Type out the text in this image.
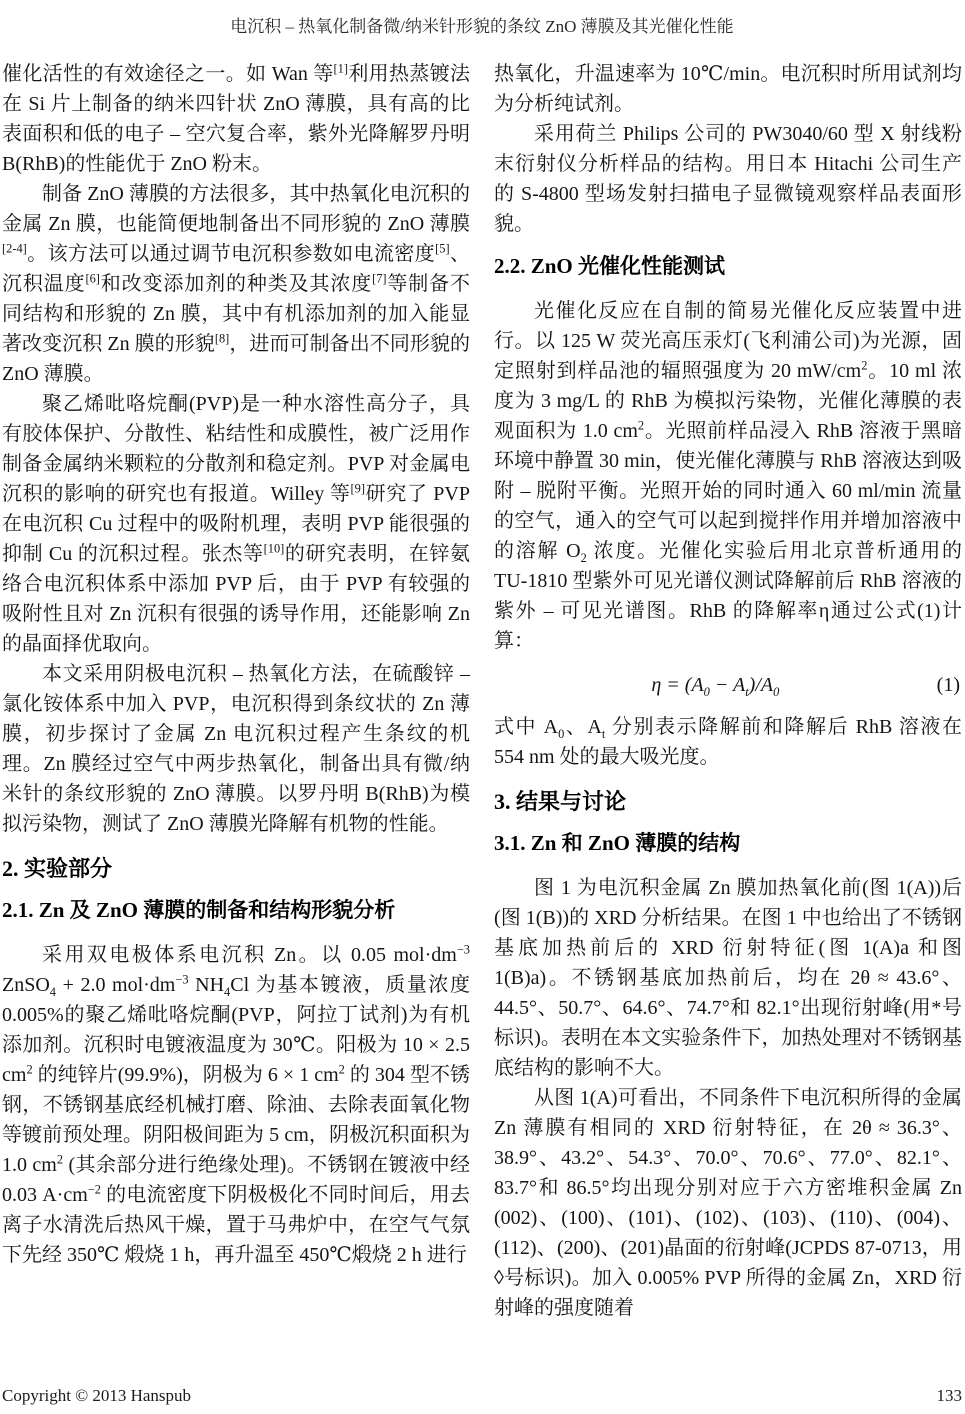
电沉积 – 热氧化制备微/纳米针形貌的条纹 ZnO 薄膜及其光催化性能

催化活性的有效途径之一。如 Wan 等[1]利用热蒸镀法在 Si 片上制备的纳米四针状 ZnO 薄膜，具有高的比表面积和低的电子 – 空穴复合率，紫外光降解罗丹明 B(RhB)的性能优于 ZnO 粉末。

制备 ZnO 薄膜的方法很多，其中热氧化电沉积的金属 Zn 膜，也能简便地制备出不同形貌的 ZnO 薄膜[2-4]。该方法可以通过调节电沉积参数如电流密度[5]、沉积温度[6]和改变添加剂的种类及其浓度[7]等制备不同结构和形貌的 Zn 膜，其中有机添加剂的加入能显著改变沉积 Zn 膜的形貌[8]，进而可制备出不同形貌的 ZnO 薄膜。

聚乙烯吡咯烷酮(PVP)是一种水溶性高分子，具有胶体保护、分散性、粘结性和成膜性，被广泛用作制备金属纳米颗粒的分散剂和稳定剂。PVP 对金属电沉积的影响的研究也有报道。Willey 等[9]研究了 PVP 在电沉积 Cu 过程中的吸附机理，表明 PVP 能很强的抑制 Cu 的沉积过程。张杰等[10]的研究表明，在锌氨络合电沉积体系中添加 PVP 后，由于 PVP 有较强的吸附性且对 Zn 沉积有很强的诱导作用，还能影响 Zn 的晶面择优取向。

本文采用阴极电沉积 – 热氧化方法，在硫酸锌 – 氯化铵体系中加入 PVP，电沉积得到条纹状的 Zn 薄膜，初步探讨了金属 Zn 电沉积过程产生条纹的机理。Zn 膜经过空气中两步热氧化，制备出具有微/纳米针的条纹形貌的 ZnO 薄膜。以罗丹明 B(RhB)为模拟污染物，测试了 ZnO 薄膜光降解有机物的性能。

2. 实验部分
2.1. Zn 及 ZnO 薄膜的制备和结构形貌分析

采用双电极体系电沉积 Zn。以 0.05 $mol\cdot dm^{-3}$ ZnSO$_4$ + 2.0 $mol\cdot dm^{-3}$ $NH_4Cl$ 为基本镀液，质量浓度 0.005%的聚乙烯吡咯烷酮(PVP，阿拉丁试剂)为有机添加剂。沉积时电镀液温度为 30℃。阳极为 10 × 2.5 $cm^2$ 的纯锌片(99.9%)，阴极为 6 × 1 $cm^2$ 的 304 型不锈钢，不锈钢基底经机械打磨、除油、去除表面氧化物等镀前预处理。阴阳极间距为 5 cm，阴极沉积面积为 1.0 $cm^2$ (其余部分进行绝缘处理)。不锈钢在镀液中经 0.03 $A\cdot cm^{-2}$ 的电流密度下阴极极化不同时间后，用去离子水清洗后热风干燥，置于马弗炉中，在空气气氛下先经 350℃ 煅烧 1 h，再升温至 450℃煅烧 2 h 进行

热氧化，升温速率为 10℃/min。电沉积时所用试剂均为分析纯试剂。

采用荷兰 Philips 公司的 PW3040/60 型 X 射线粉末衍射仪分析样品的结构。用日本 Hitachi 公司生产的 S-4800 型场发射扫描电子显微镜观察样品表面形貌。

2.2. ZnO 光催化性能测试

光催化反应在自制的简易光催化反应装置中进行。以 125 W 荧光高压汞灯(飞利浦公司)为光源，固定照射到样品池的辐照强度为 20 $mW/cm^2$。10 ml 浓度为 3 mg/L 的 RhB 为模拟污染物，光催化薄膜的表观面积为 1.0 $cm^2$。光照前样品浸入 RhB 溶液于黑暗环境中静置 30 min，使光催化薄膜与 RhB 溶液达到吸附 – 脱附平衡。光照开始的同时通入 60 ml/min 流量的空气，通入的空气可以起到搅拌作用并增加溶液中的溶解 $O_2$ 浓度。光催化实验后用北京普析通用的 TU-1810 型紫外可见光谱仪测试降解前后 RhB 溶液的紫外 – 可见光谱图。RhB 的降解率η通过公式(1)计算：

$\eta = (A_0 - A_t)/A_0$	(1)

式中 $A_0$、$A_t$ 分别表示降解前和降解后 RhB 溶液在 554 nm 处的最大吸光度。

3. 结果与讨论
3.1. Zn 和 ZnO 薄膜的结构

图 1 为电沉积金属 Zn 膜加热氧化前(图 1(A))后(图 1(B))的 XRD 分析结果。在图 1 中也给出了不锈钢基底加热前后的 XRD 衍射特征(图 1(A)a 和图 1(B)a)。不锈钢基底加热前后，均在 2θ ≈ 43.6°、44.5°、50.7°、64.6°、74.7°和 82.1°出现衍射峰(用*号标识)。表明在本文实验条件下，加热处理对不锈钢基底结构的影响不大。

从图 1(A)可看出，不同条件下电沉积所得的金属 Zn 薄膜有相同的 XRD 衍射特征，在 2θ ≈ 36.3°、38.9°、43.2°、54.3°、70.0°、70.6°、77.0°、82.1°、83.7°和 86.5°均出现分别对应于六方密堆积金属 Zn (002)、(100)、(101)、(102)、(103)、(110)、(004)、(112)、(200)、(201)晶面的衍射峰(JCPDS 87-0713，用◊号标识)。加入 0.005% PVP 所得的金属 Zn，XRD 衍射峰的强度随着

Copyright © 2013 Hanspub	133
